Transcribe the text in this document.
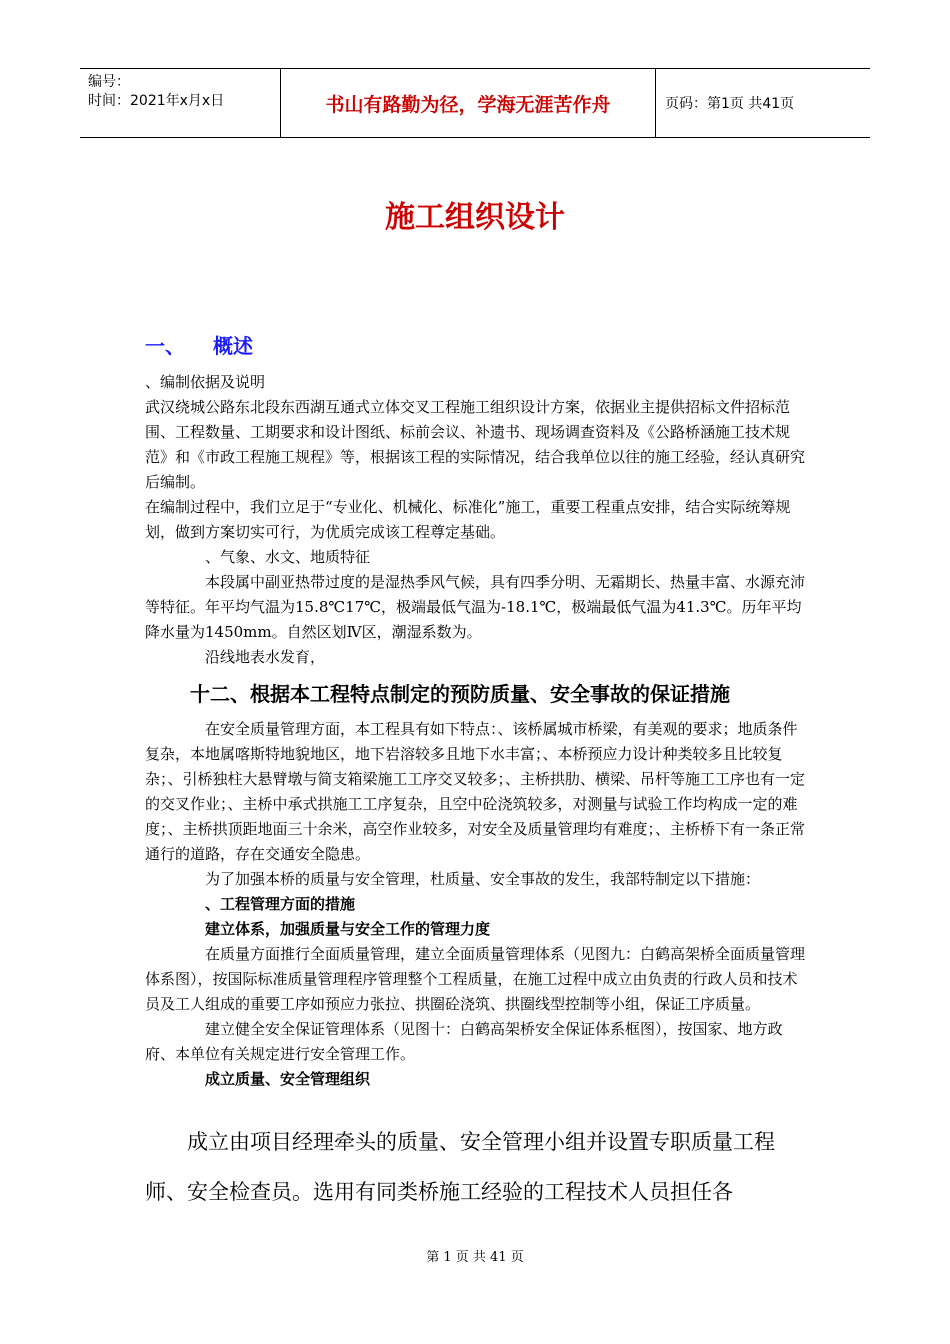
编号：
时间：2021年x月x日	书山有路勤为径，学海无涯苦作舟	页码：第1页 共41页
施工组织设计
一、 概述
、编制依据及说明
武汉绕城公路东北段东西湖互通式立体交叉工程施工组织设计方案，依据业主提供招标文件招标范围、工程数量、工期要求和设计图纸、标前会议、补遗书、现场调查资料及《公路桥涵施工技术规范》和《市政工程施工规程》等，根据该工程的实际情况，结合我单位以往的施工经验，经认真研究后编制。
在编制过程中，我们立足于“专业化、机械化、标准化”施工，重要工程重点安排，结合实际统筹规划，做到方案切实可行，为优质完成该工程尊定基础。
、气象、水文、地质特征
本段属中副亚热带过度的是湿热季风气候，具有四季分明、无霜期长、热量丰富、水源充沛等特征。年平均气温为15.8℃17℃，极端最低气温为-18.1℃，极端最低气温为41.3℃。历年平均降水量为1450mm。自然区划Ⅳ区，潮湿系数为。
沿线地表水发育，
十二、根据本工程特点制定的预防质量、安全事故的保证措施
在安全质量管理方面，本工程具有如下特点：、该桥属城市桥梁，有美观的要求；地质条件复杂，本地属喀斯特地貌地区，地下岩溶较多且地下水丰富；、本桥预应力设计种类较多且比较复杂；、引桥独柱大悬臂墩与简支箱梁施工工序交叉较多；、主桥拱肋、横梁、吊杆等施工工序也有一定的交叉作业；、主桥中承式拱施工工序复杂，且空中砼浇筑较多，对测量与试验工作均构成一定的难度；、主桥拱顶距地面三十余米，高空作业较多，对安全及质量管理均有难度；、主桥桥下有一条正常通行的道路，存在交通安全隐患。
为了加强本桥的质量与安全管理，杜质量、安全事故的发生，我部特制定以下措施：
、工程管理方面的措施
建立体系，加强质量与安全工作的管理力度
在质量方面推行全面质量管理，建立全面质量管理体系（见图九：白鹤高架桥全面质量管理体系图），按国际标准质量管理程序管理整个工程质量，在施工过程中成立由负责的行政人员和技术员及工人组成的重要工序如预应力张拉、拱圈砼浇筑、拱圈线型控制等小组，保证工序质量。
建立健全安全保证管理体系（见图十：白鹤高架桥安全保证体系框图），按国家、地方政府、本单位有关规定进行安全管理工作。
成立质量、安全管理组织
成立由项目经理牵头的质量、安全管理小组并设置专职质量工程师、安全检查员。选用有同类桥施工经验的工程技术人员担任各
第 1 页 共 41 页
